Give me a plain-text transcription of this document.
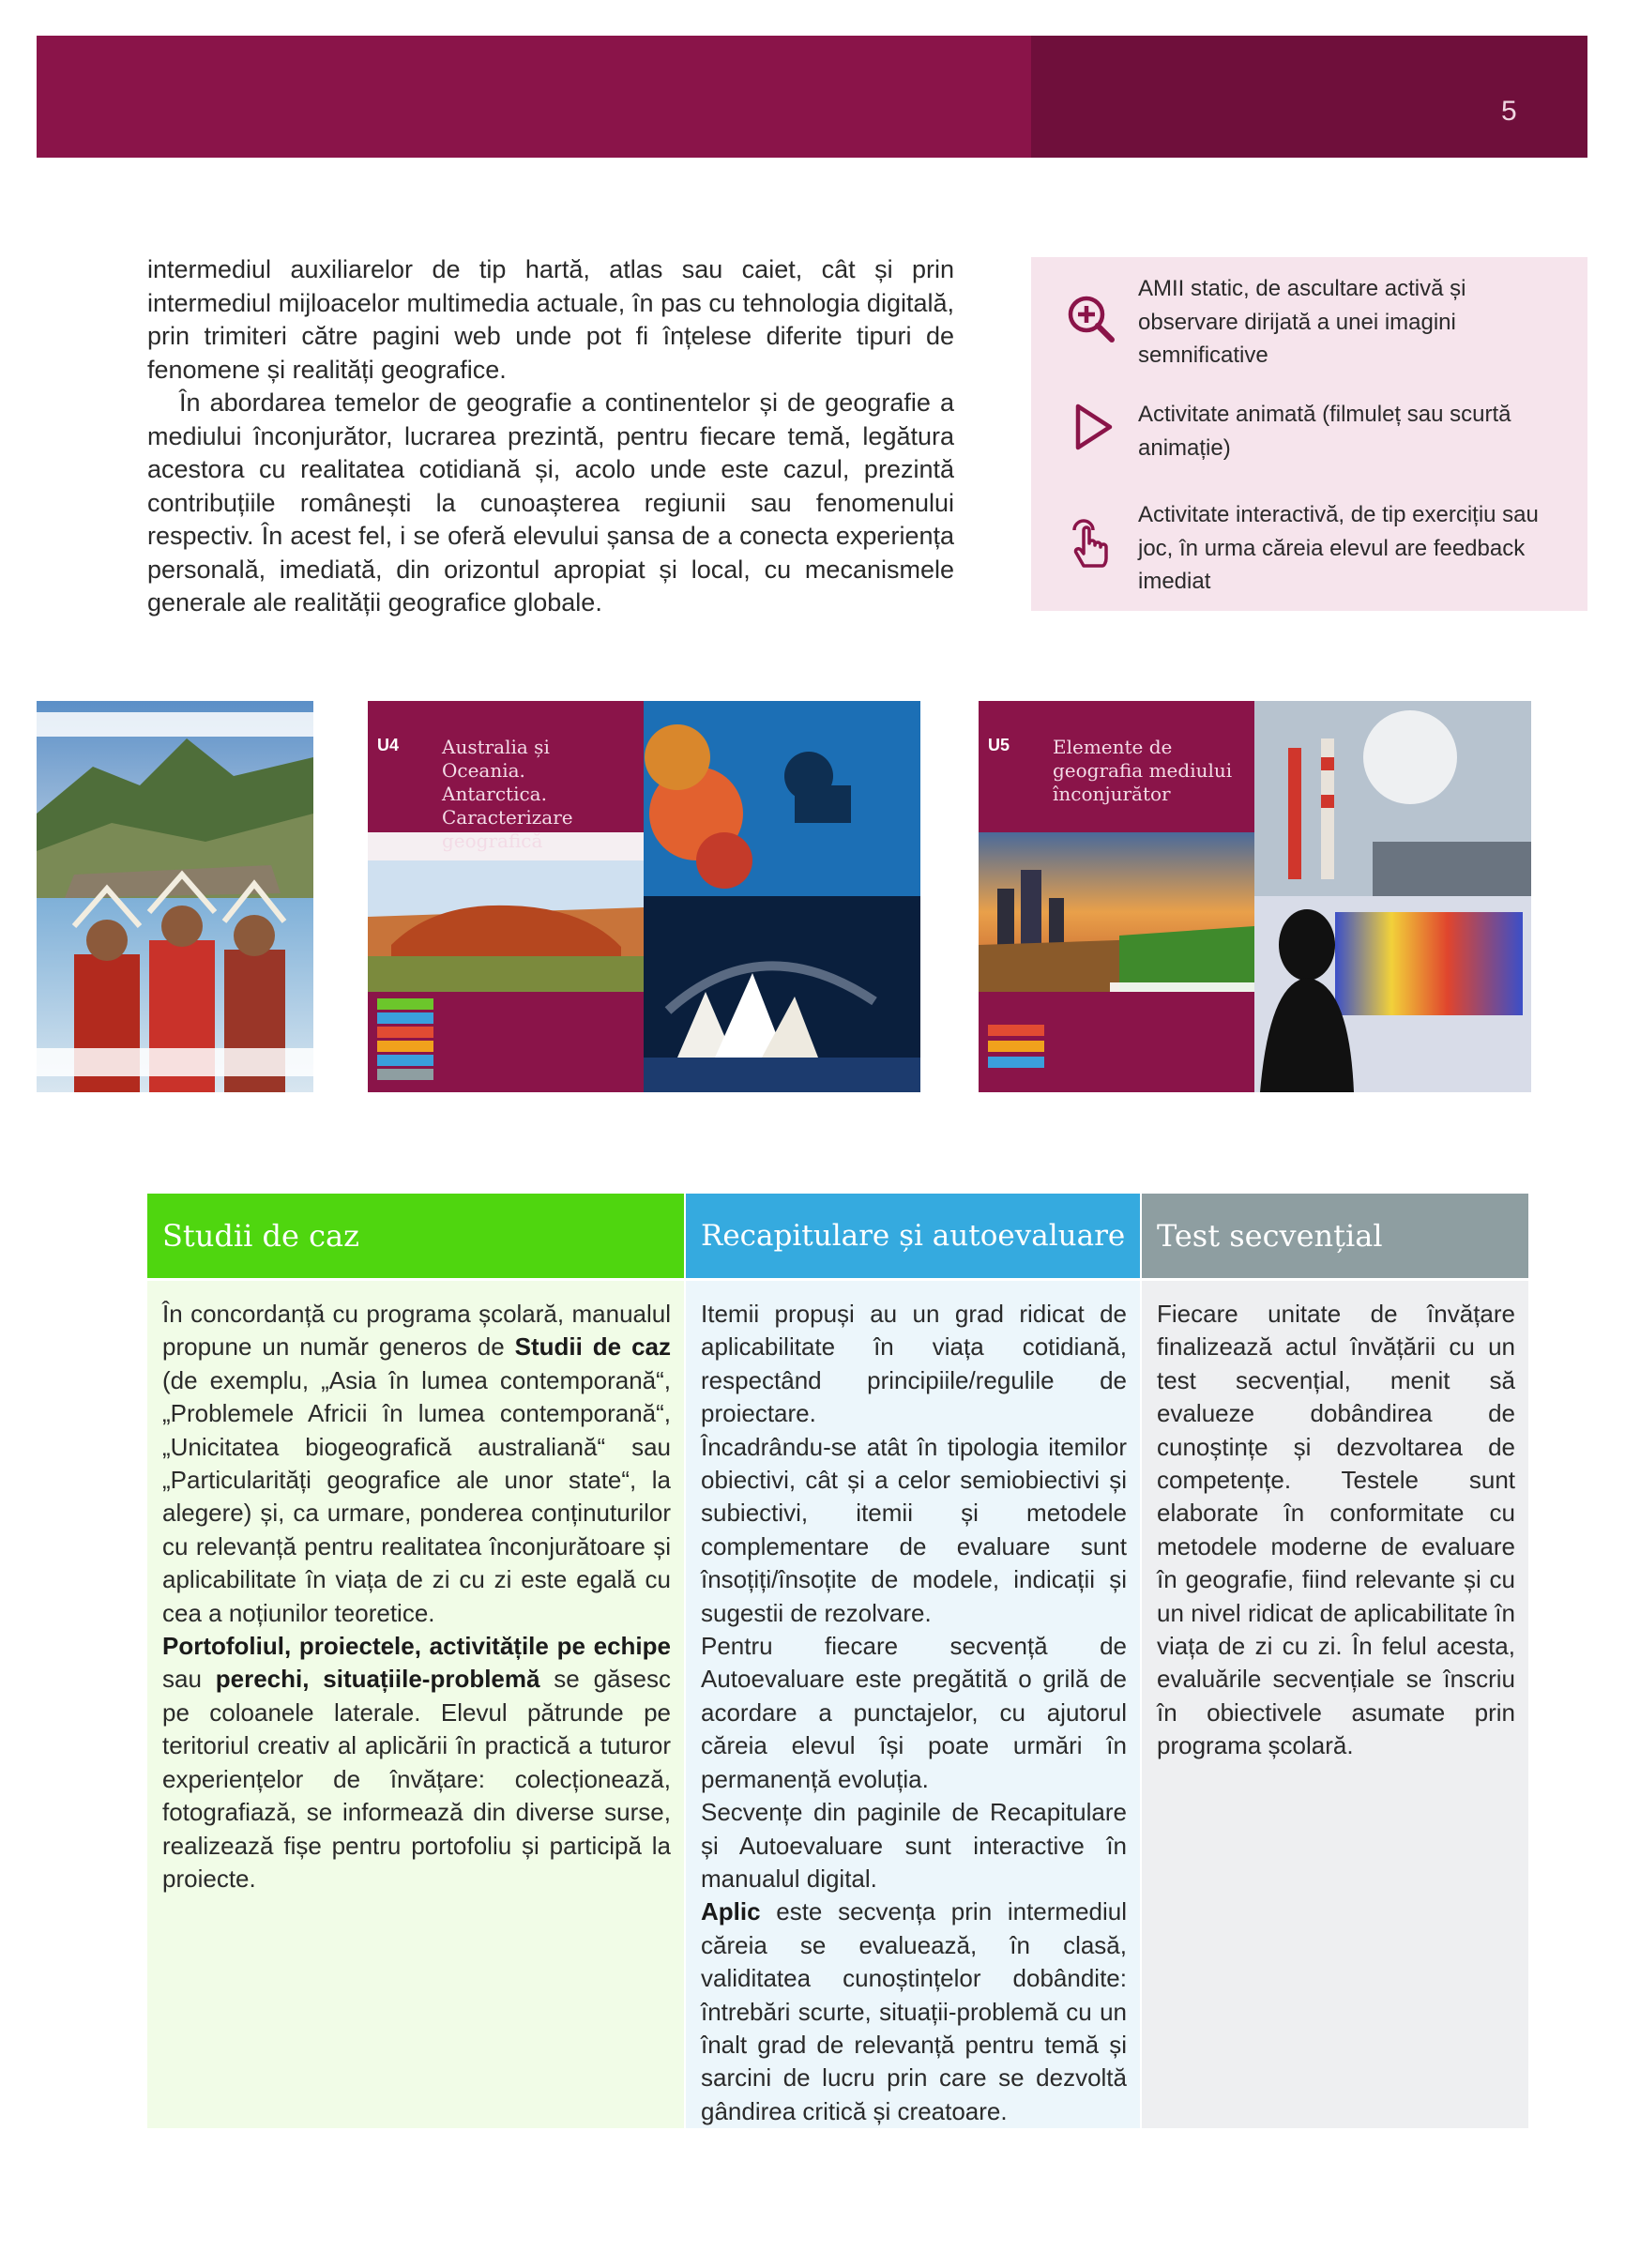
5

intermediul auxiliarelor de tip hartă, atlas sau caiet, cât și prin intermediul mijloacelor multimedia actuale, în pas cu tehnologia digitală, prin trimiteri către pagini web unde pot fi înțelese diferite tipuri de fenomene și realități geografice.

În abordarea temelor de geografie a continentelor și de geografie a mediului înconjurător, lucrarea prezintă, pentru fiecare temă, legătura acestora cu realitatea cotidiană și, acolo unde este cazul, prezintă contribuțiile românești la cunoașterea regiunii sau fenomenului respectiv. În acest fel, i se oferă elevului șansa de a conecta experiența personală, imediată, din orizontul apropiat și local, cu mecanismele generale ale realității geografice globale.

AMII static, de ascultare activă și observare dirijată a unei imagini semnificative
Activitate animată (filmuleț sau scurtă animație)
Activitate interactivă, de tip exercițiu sau joc, în urma căreia elevul are feedback imediat
U4 Australia și Oceania. Antarctica. Caracterizare geografică
U5 Elemente de geografia mediului înconjurător
Studii de caz

În concordanță cu programa școlară, manualul propune un număr generos de Studii de caz (de exemplu, „Asia în lumea contemporană“, „Problemele Africii în lumea contemporană“, „Unicitatea biogeografică australiană“ sau „Particularități geografice ale unor state“, la alegere) și, ca urmare, ponderea conținuturilor cu relevanță pentru realitatea înconjurătoare și aplicabilitate în viața de zi cu zi este egală cu cea a noțiunilor teoretice.

Portofoliul, proiectele, activitățile pe echipe sau perechi, situațiile-problemă se găsesc pe coloanele laterale. Elevul pătrunde pe teritoriul creativ al aplicării în practică a tuturor experiențelor de învățare: colecționează, fotografiază, se informează din diverse surse, realizează fișe pentru portofoliu și participă la proiecte.

Recapitulare și autoevaluare

Itemii propuși au un grad ridicat de aplicabilitate în viața cotidiană, respectând principiile/regulile de proiectare.

Încadrându-se atât în tipologia itemilor obiectivi, cât și a celor semiobiectivi și subiectivi, itemii și metodele complementare de evaluare sunt însoțiți/însoțite de modele, indicații și sugestii de rezolvare.

Pentru fiecare secvență de Autoevaluare este pregătită o grilă de acordare a punctajelor, cu ajutorul căreia elevul își poate urmări în permanență evoluția.

Secvențe din paginile de Recapitulare și Autoevaluare sunt interactive în manualul digital.

Aplic este secvența prin intermediul căreia se evaluează, în clasă, validitatea cunoștințelor dobândite: întrebări scurte, situații-problemă cu un înalt grad de relevanță pentru temă și sarcini de lucru prin care se dezvoltă gândirea critică și creatoare.

Test secvențial

Fiecare unitate de învățare finalizează actul învățării cu un test secvențial, menit să evalueze dobândirea de cunoștințe și dezvoltarea de competențe. Testele sunt elaborate în conformitate cu metodele moderne de evaluare în geografie, fiind relevante și cu un nivel ridicat de aplicabilitate în viața de zi cu zi. În felul acesta, evaluările secvențiale se înscriu în obiectivele asumate prin programa școlară.
